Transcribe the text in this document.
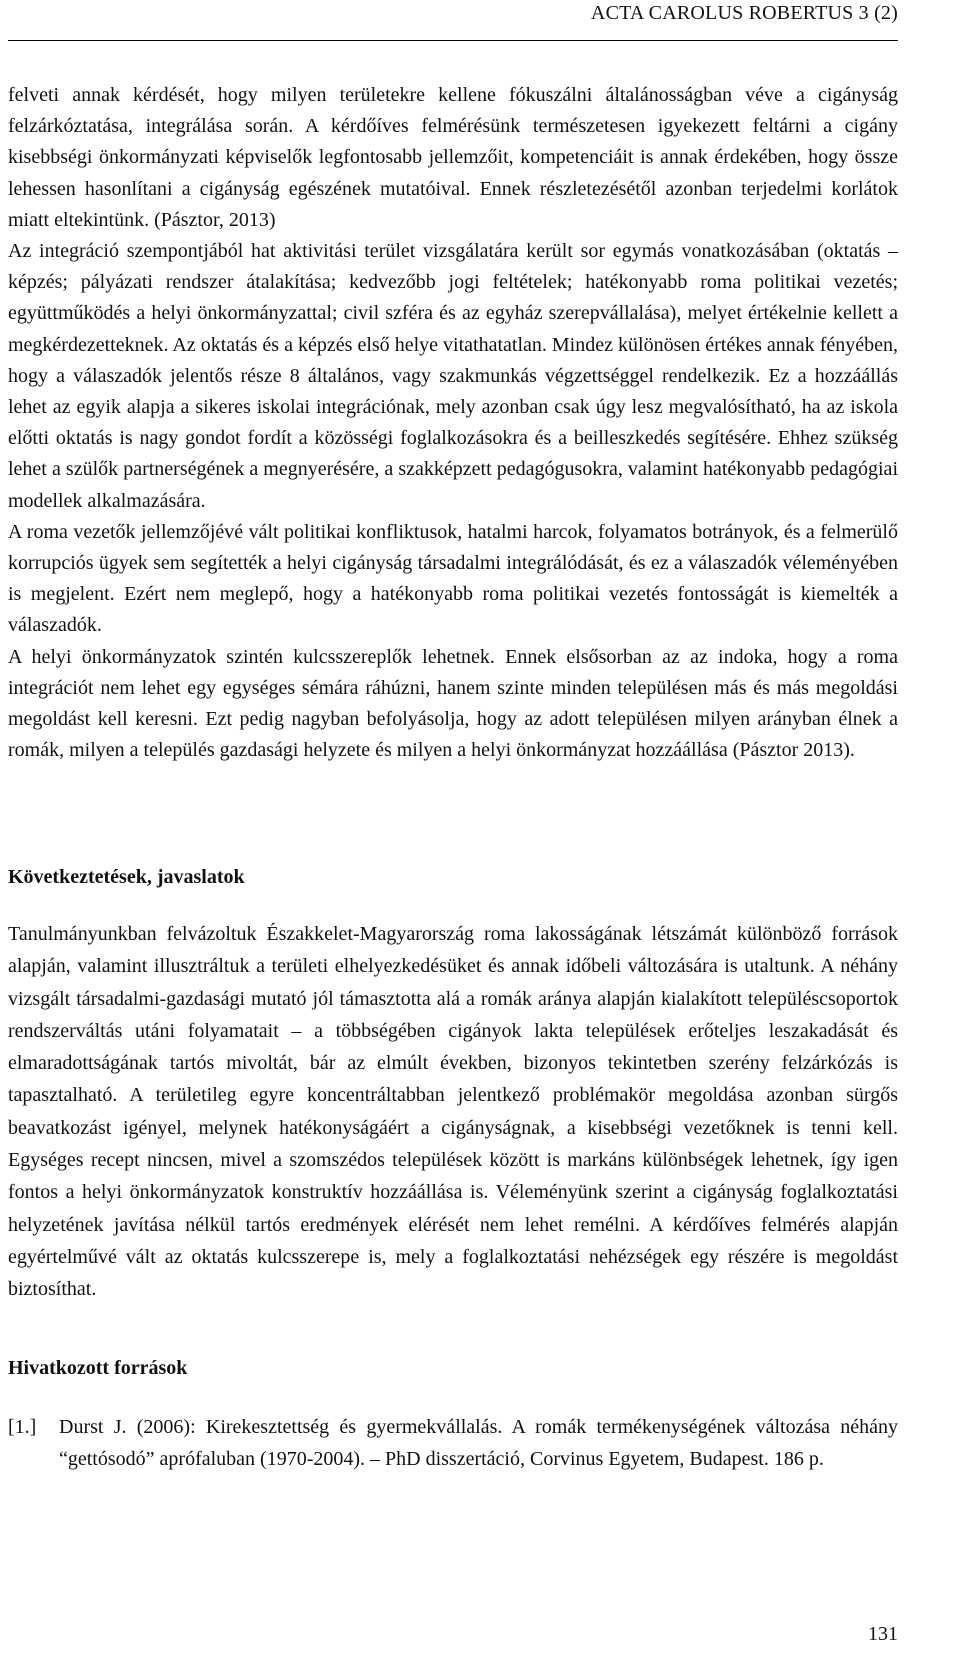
ACTA CAROLUS ROBERTUS 3 (2)

felveti annak kérdését, hogy milyen területekre kellene fókuszálni általánosságban véve a cigányság felzárkóztatása, integrálása során. A kérdőíves felmérésünk természetesen igyekezett feltárni a cigány kisebbségi önkormányzati képviselők legfontosabb jellemzőit, kompetenciáit is annak érdekében, hogy össze lehessen hasonlítani a cigányság egészének mutatóival. Ennek részletezésétől azonban terjedelmi korlátok miatt eltekintünk. (Pásztor, 2013)

Az integráció szempontjából hat aktivitási terület vizsgálatára került sor egymás vonatkozásában (oktatás – képzés; pályázati rendszer átalakítása; kedvezőbb jogi feltételek; hatékonyabb roma politikai vezetés; együttműködés a helyi önkormányzattal; civil szféra és az egyház szerepvállalása), melyet értékelnie kellett a megkérdezetteknek. Az oktatás és a képzés első helye vitathatatlan. Mindez különösen értékes annak fényében, hogy a válaszadók jelentős része 8 általános, vagy szakmunkás végzettséggel rendelkezik. Ez a hozzáállás lehet az egyik alapja a sikeres iskolai integrációnak, mely azonban csak úgy lesz megvalósítható, ha az iskola előtti oktatás is nagy gondot fordít a közösségi foglalkozásokra és a beilleszkedés segítésére. Ehhez szükség lehet a szülők partnerségének a megnyerésére, a szakképzett pedagógusokra, valamint hatékonyabb pedagógiai modellek alkalmazására.

A roma vezetők jellemzőjévé vált politikai konfliktusok, hatalmi harcok, folyamatos botrányok, és a felmerülő korrupciós ügyek sem segítették a helyi cigányság társadalmi integrálódását, és ez a válaszadók véleményében is megjelent. Ezért nem meglepő, hogy a hatékonyabb roma politikai vezetés fontosságát is kiemelték a válaszadók.

A helyi önkormányzatok szintén kulcsszereplők lehetnek. Ennek elsősorban az az indoka, hogy a roma integrációt nem lehet egy egységes sémára ráhúzni, hanem szinte minden településen más és más megoldási megoldást kell keresni. Ezt pedig nagyban befolyásolja, hogy az adott településen milyen arányban élnek a romák, milyen a település gazdasági helyzete és milyen a helyi önkormányzat hozzáállása (Pásztor 2013).

Következtetések, javaslatok

Tanulmányunkban felvázoltuk Északkelet-Magyarország roma lakosságának létszámát különböző források alapján, valamint illusztráltuk a területi elhelyezkedésüket és annak időbeli változására is utaltunk. A néhány vizsgált társadalmi-gazdasági mutató jól támasztotta alá a romák aránya alapján kialakított településcsoportok rendszerváltás utáni folyamatait – a többségében cigányok lakta települések erőteljes leszakadását és elmaradottságának tartós mivoltát, bár az elmúlt években, bizonyos tekintetben szerény felzárkózás is tapasztalható. A területileg egyre koncentráltabban jelentkező problémakör megoldása azonban sürgős beavatkozást igényel, melynek hatékonyságáért a cigányságnak, a kisebbségi vezetőknek is tenni kell. Egységes recept nincsen, mivel a szomszédos települések között is markáns különbségek lehetnek, így igen fontos a helyi önkormányzatok konstruktív hozzáállása is. Véleményünk szerint a cigányság foglalkoztatási helyzetének javítása nélkül tartós eredmények elérését nem lehet remélni. A kérdőíves felmérés alapján egyértelművé vált az oktatás kulcsszerepe is, mely a foglalkoztatási nehézségek egy részére is megoldást biztosíthat.

Hivatkozott források
[1.]	Durst J. (2006): Kirekesztettség és gyermekvállalás. A romák termékenységének változása néhány “gettósodó” aprófaluban (1970-2004). – PhD disszertáció, Corvinus Egyetem, Budapest. 186 p.
131
